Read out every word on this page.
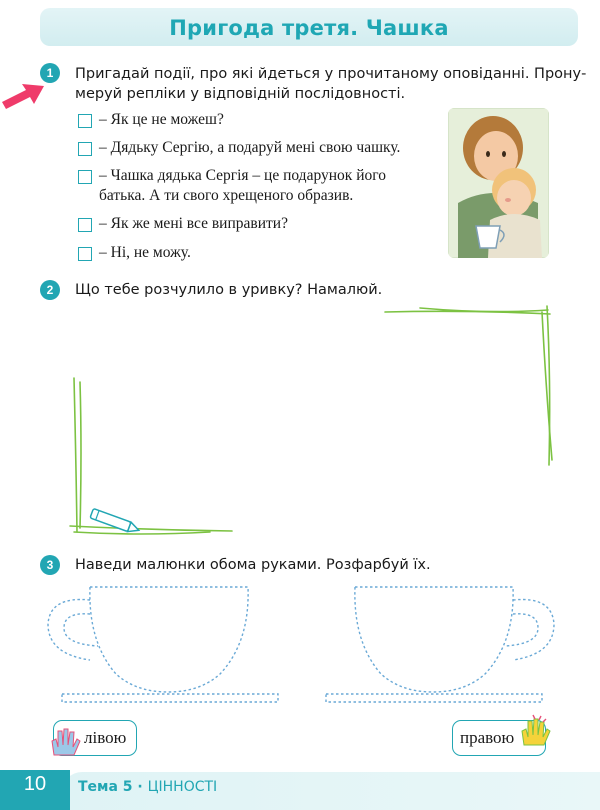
Пригода третя. Чашка
1	Пригадай події, про які йдеться у прочитаному оповіданні. Прону-
меруй репліки у відповідній послідовності.
– Як це не можеш?
– Дядьку Сергію, а подаруй мені свою чашку.
– Чашка дядька Сергія – це подарунок його
батька. А ти свого хрещеного образив.
– Як же мені все виправити?
– Ні, не можу.
2	Що тебе розчулило в уривку? Намалюй.
3	Наведи малюнки обома руками. Розфарбуй їх.
лівою	правою
10	Тема 5 · ЦІННОСТІ
